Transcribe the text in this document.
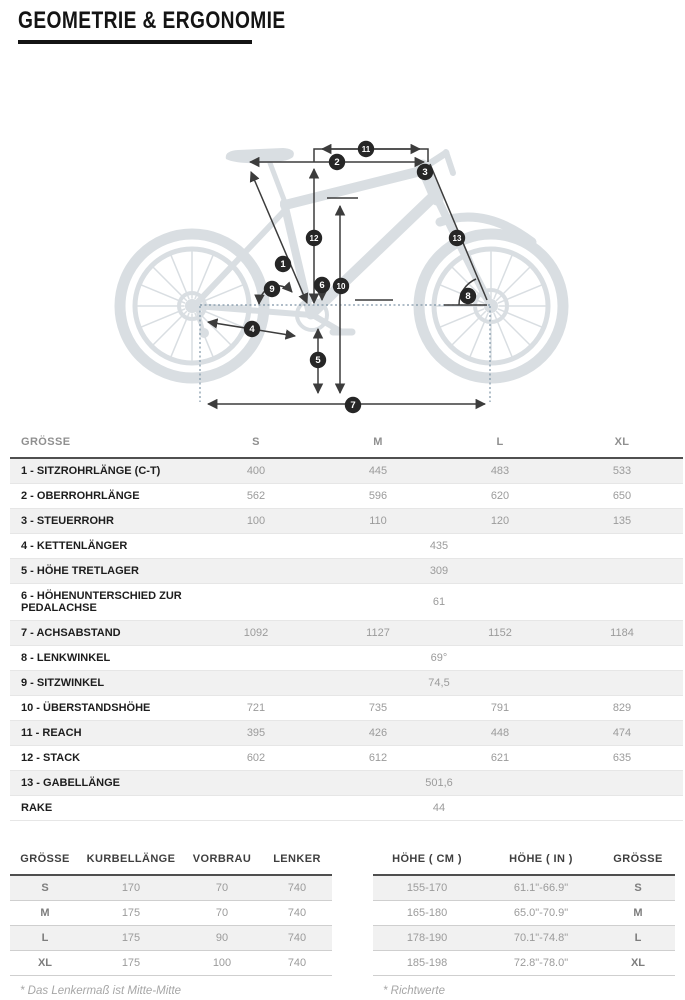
GEOMETRIE & ERGONOMIE
1
2
3
4
5
6
7
8
9	10
11
12	13
GRÖSSE	S	M	L	XL
1 - SITZROHRLÄNGE (C-T)	400	445	483	533
2 - OBERROHRLÄNGE	562	596	620	650
3 - STEUERROHR	100	110	120	135
4 - KETTENLÄNGER	435			
5 - HÖHE TRETLAGER	309			
6 - HÖHENUNTERSCHIED ZUR PEDALACHSE	61			
7 - ACHSABSTAND	1092	1127	1152	1184
8 - LENKWINKEL	69°			
9 - SITZWINKEL	74,5			
10 - ÜBERSTANDSHÖHE	721	735	791	829
11 - REACH	395	426	448	474
12 - STACK	602	612	621	635
13 - GABELLÄNGE	501,6			
RAKE	44			
GRÖSSE	KURBELLÄNGE	VORBRAU	LENKER
S	170	70	740
M	175	70	740
L	175	90	740
XL	175	100	740
* Das Lenkermaß ist Mitte-Mitte
HÖHE ( CM )	HÖHE ( IN )	GRÖSSE
155-170	61.1"-66.9"	S
165-180	65.0"-70.9"	M
178-190	70.1"-74.8"	L
185-198	72.8"-78.0"	XL
* Richtwerte
